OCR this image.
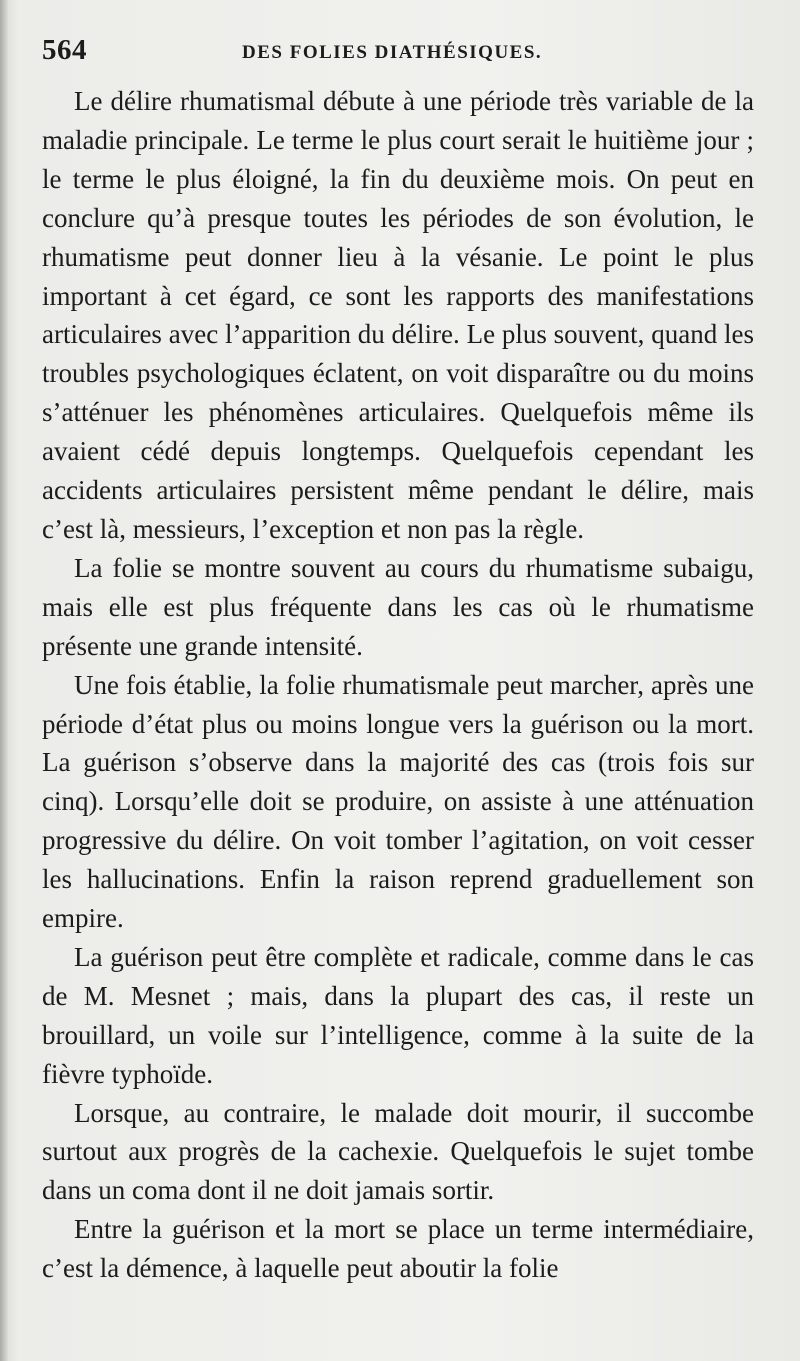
564	DES FOLIES DIATHÉSIQUES.

Le délire rhumatismal débute à une période très variable de la maladie principale. Le terme le plus court serait le huitième jour ; le terme le plus éloigné, la fin du deuxième mois. On peut en conclure qu’à presque toutes les périodes de son évolution, le rhumatisme peut donner lieu à la vésanie. Le point le plus important à cet égard, ce sont les rapports des manifestations articulaires avec l’apparition du délire. Le plus souvent, quand les troubles psychologiques éclatent, on voit disparaître ou du moins s’atténuer les phénomènes articulaires. Quelquefois même ils avaient cédé depuis longtemps. Quelquefois cependant les accidents articulaires persistent même pendant le délire, mais c’est là, messieurs, l’exception et non pas la règle.

La folie se montre souvent au cours du rhumatisme subaigu, mais elle est plus fréquente dans les cas où le rhumatisme présente une grande intensité.

Une fois établie, la folie rhumatismale peut marcher, après une période d’état plus ou moins longue vers la guérison ou la mort. La guérison s’observe dans la majorité des cas (trois fois sur cinq). Lorsqu’elle doit se produire, on assiste à une atténuation progressive du délire. On voit tomber l’agitation, on voit cesser les hallucinations. Enfin la raison reprend graduellement son empire.

La guérison peut être complète et radicale, comme dans le cas de M. Mesnet ; mais, dans la plupart des cas, il reste un brouillard, un voile sur l’intelligence, comme à la suite de la fièvre typhoïde.

Lorsque, au contraire, le malade doit mourir, il succombe surtout aux progrès de la cachexie. Quelquefois le sujet tombe dans un coma dont il ne doit jamais sortir.

Entre la guérison et la mort se place un terme intermédiaire, c’est la démence, à laquelle peut aboutir la folie
